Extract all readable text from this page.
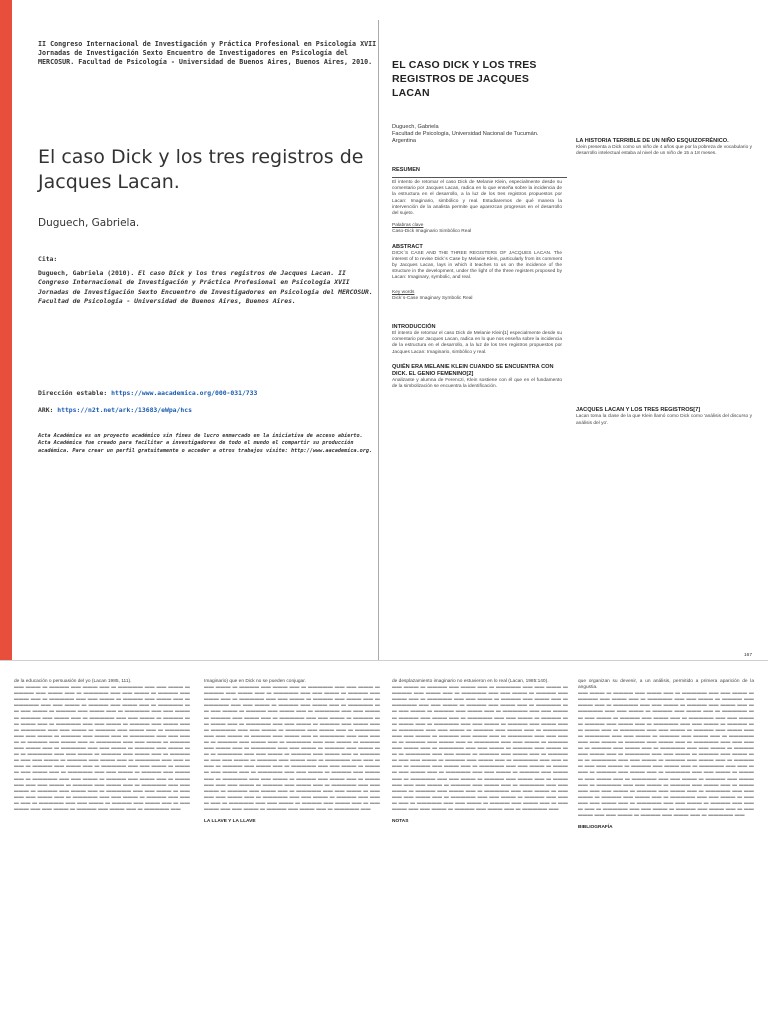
II Congreso Internacional de Investigación y Práctica Profesional en Psicología XVII Jornadas de Investigación Sexto Encuentro de Investigadores en Psicología del MERCOSUR. Facultad de Psicología - Universidad de Buenos Aires, Buenos Aires, 2010.
El caso Dick y los tres registros de Jacques Lacan.
Duguech, Gabriela.
Cita:
Duguech, Gabriela (2010). El caso Dick y los tres registros de Jacques Lacan. II Congreso Internacional de Investigación y Práctica Profesional en Psicología XVII Jornadas de Investigación Sexto Encuentro de Investigadores en Psicología del MERCOSUR. Facultad de Psicología - Universidad de Buenos Aires, Buenos Aires.
Dirección estable: https://www.aacademica.org/000-031/733
ARK: https://n2t.net/ark:/13683/eWpa/hcs
Acta Académica es un proyecto académico sin fines de lucro enmarcado en la iniciativa de acceso abierto. Acta Académica fue creado para facilitar a investigadores de todo el mundo el compartir su producción académica. Para crear un perfil gratuitamente o acceder a otros trabajos visite: http://www.aacademica.org.
EL CASO DICK Y LOS TRES REGISTROS DE JACQUES LACAN
Duguech, Gabriela
Facultad de Psicología, Universidad Nacional de Tucumán. Argentina
RESUMEN
El intento de retomar el caso Dick de Melanie Klein, especialmente desde su comentario por Jacques Lacan, radica en lo que enseña sobre la incidencia de la estructura en el desarrollo, a la luz de los tres registros propuestos por Lacan: Imaginario, simbólico y real. Estudiaremos de qué manera la intervención de la analista permite que aparezcan progresos en el desarrollo del sujeto.
Palabras clave
Caso-Dick Imaginario Simbólico Real
ABSTRACT
DICK´S CASE AND THE THREE REGISTERS OF JACQUES LACAN. The interest of to revise Dick´s Case by Melanie Klein, particularly from its comment by Jacques Lacan, lays in which it teaches to us on the incidence of the structure in the development, under the light of the three registers proposed by Lacan: Imaginary, symbolic, and real.
Key words
Dick´s-Case Imaginary Symbolic Real
INTRODUCCIÓN
El intento de retomar el caso Dick de Melanie Klein[1] especialmente desde su comentario por Jacques Lacan, radica en lo que nos enseña sobre la incidencia de la estructura en el desarrollo, a la luz de los tres registros propuestos por Jacques Lacan: Imaginario, simbólico y real.
QUIÉN ERA MELANIE KLEIN CUANDO SE ENCUENTRA CON DICK. EL GENIO FEMENINO[2]
Analizante y alumna de Ferenczi, Klein sostiene con él que en el fundamento de la simbolización se encuentra la identificación.
LA HISTORIA TERRIBLE DE UN NIÑO ESQUIZOFRÉNICO.
Klein presenta a Dick como un niño de 4 años que por la pobreza de vocabulario y desarrollo intelectual estaba al nivel de un niño de 15 a 18 meses.
JACQUES LACAN Y LOS TRES REGISTROS[7]
Lacan toma la clase de la que Klein llamó como Dick como 'análisis del discurso y análisis del yo'.
167
de la educación o persuasión del yo (Lacan 1985, 111).
▬▬ ▬▬▬ ▬ ▬▬▬▬ ▬▬ ▬▬▬ ▬▬ ▬ ▬▬▬▬▬ ▬▬ ▬▬ ▬▬▬ ▬ ▬▬▬▬ ▬▬ ▬▬▬ ▬▬ ▬ ▬▬▬▬▬ ▬▬ ▬▬ ▬▬▬ ▬ ▬▬▬▬ ▬▬ ▬▬▬ ▬▬ ▬ ▬▬▬▬▬ ▬▬ ▬▬ ▬▬▬ ▬ ▬▬▬▬ ▬▬ ▬▬▬ ▬▬ ▬ ▬▬▬▬▬ ▬▬ ▬▬ ▬▬▬ ▬ ▬▬▬▬ ▬▬ ▬▬▬ ▬▬ ▬ ▬▬▬▬▬ ▬▬ ▬▬ ▬▬▬ ▬ ▬▬▬▬ ▬▬ ▬▬▬ ▬▬ ▬ ▬▬▬▬▬ ▬▬ ▬▬ ▬▬▬ ▬ ▬▬▬▬ ▬▬ ▬▬▬ ▬▬ ▬ ▬▬▬▬▬ ▬▬ ▬▬ ▬▬▬ ▬ ▬▬▬▬ ▬▬ ▬▬▬ ▬▬ ▬ ▬▬▬▬▬ ▬▬ ▬▬ ▬▬▬ ▬ ▬▬▬▬ ▬▬ ▬▬▬ ▬▬ ▬ ▬▬▬▬▬ ▬▬ ▬▬ ▬▬▬ ▬ ▬▬▬▬ ▬▬ ▬▬▬ ▬▬ ▬ ▬▬▬▬▬ ▬▬ ▬▬ ▬▬▬ ▬ ▬▬▬▬ ▬▬ ▬▬▬ ▬▬ ▬ ▬▬▬▬▬ ▬▬ ▬▬ ▬▬▬ ▬ ▬▬▬▬ ▬▬ ▬▬▬ ▬▬ ▬ ▬▬▬▬▬ ▬▬ ▬▬ ▬▬▬ ▬ ▬▬▬▬ ▬▬ ▬▬▬ ▬▬ ▬ ▬▬▬▬▬ ▬▬ ▬▬ ▬▬▬ ▬ ▬▬▬▬ ▬▬ ▬▬▬ ▬▬ ▬ ▬▬▬▬▬ ▬▬ ▬▬ ▬▬▬ ▬ ▬▬▬▬ ▬▬ ▬▬▬ ▬▬ ▬ ▬▬▬▬▬ ▬▬ ▬▬ ▬▬▬ ▬ ▬▬▬▬ ▬▬ ▬▬▬ ▬▬ ▬ ▬▬▬▬▬ ▬▬ ▬▬ ▬▬▬ ▬ ▬▬▬▬ ▬▬ ▬▬▬ ▬▬ ▬ ▬▬▬▬▬ ▬▬ ▬▬ ▬▬▬ ▬ ▬▬▬▬ ▬▬ ▬▬▬ ▬▬ ▬ ▬▬▬▬▬ ▬▬ ▬▬ ▬▬▬ ▬ ▬▬▬▬ ▬▬ ▬▬▬ ▬▬ ▬ ▬▬▬▬▬ ▬▬ ▬▬ ▬▬▬ ▬ ▬▬▬▬ ▬▬ ▬▬▬ ▬▬ ▬ ▬▬▬▬▬ ▬▬ ▬▬ ▬▬▬ ▬ ▬▬▬▬ ▬▬ ▬▬▬ ▬▬ ▬ ▬▬▬▬▬ ▬▬ ▬▬ ▬▬▬ ▬ ▬▬▬▬ ▬▬ ▬▬▬ ▬▬ ▬ ▬▬▬▬▬ ▬▬ ▬▬ ▬▬▬ ▬ ▬▬▬▬ ▬▬ ▬▬▬ ▬▬ ▬ ▬▬▬▬▬ ▬▬ ▬▬ ▬▬▬ ▬ ▬▬▬▬ ▬▬ ▬▬▬ ▬▬ ▬ ▬▬▬▬▬ ▬▬ ▬▬ ▬▬▬ ▬ ▬▬▬▬ ▬▬ ▬▬▬ ▬▬ ▬ ▬▬▬▬▬ ▬▬ ▬▬ ▬▬▬ ▬ ▬▬▬▬ ▬▬ ▬▬▬ ▬▬ ▬ ▬▬▬▬▬ ▬▬
Imaginario) que en Dick no se pueden conjugar.
▬▬ ▬▬▬ ▬ ▬▬▬▬ ▬▬ ▬▬▬ ▬▬ ▬ ▬▬▬▬▬ ▬▬ ▬▬ ▬▬▬ ▬ ▬▬▬▬ ▬▬ ▬▬▬ ▬▬ ▬ ▬▬▬▬▬ ▬▬ ▬▬ ▬▬▬ ▬ ▬▬▬▬ ▬▬ ▬▬▬ ▬▬ ▬ ▬▬▬▬▬ ▬▬ ▬▬ ▬▬▬ ▬ ▬▬▬▬ ▬▬ ▬▬▬ ▬▬ ▬ ▬▬▬▬▬ ▬▬ ▬▬ ▬▬▬ ▬ ▬▬▬▬ ▬▬ ▬▬▬ ▬▬ ▬ ▬▬▬▬▬ ▬▬ ▬▬ ▬▬▬ ▬ ▬▬▬▬ ▬▬ ▬▬▬ ▬▬ ▬ ▬▬▬▬▬ ▬▬ ▬▬ ▬▬▬ ▬ ▬▬▬▬ ▬▬ ▬▬▬ ▬▬ ▬ ▬▬▬▬▬ ▬▬ ▬▬ ▬▬▬ ▬ ▬▬▬▬ ▬▬ ▬▬▬ ▬▬ ▬ ▬▬▬▬▬ ▬▬ ▬▬ ▬▬▬ ▬ ▬▬▬▬ ▬▬ ▬▬▬ ▬▬ ▬ ▬▬▬▬▬ ▬▬ ▬▬ ▬▬▬ ▬ ▬▬▬▬ ▬▬ ▬▬▬ ▬▬ ▬ ▬▬▬▬▬ ▬▬ ▬▬ ▬▬▬ ▬ ▬▬▬▬ ▬▬ ▬▬▬ ▬▬ ▬ ▬▬▬▬▬ ▬▬ ▬▬ ▬▬▬ ▬ ▬▬▬▬ ▬▬ ▬▬▬ ▬▬ ▬ ▬▬▬▬▬ ▬▬ ▬▬ ▬▬▬ ▬ ▬▬▬▬ ▬▬ ▬▬▬ ▬▬ ▬ ▬▬▬▬▬ ▬▬ ▬▬ ▬▬▬ ▬ ▬▬▬▬ ▬▬ ▬▬▬ ▬▬ ▬ ▬▬▬▬▬ ▬▬ ▬▬ ▬▬▬ ▬ ▬▬▬▬ ▬▬ ▬▬▬ ▬▬ ▬ ▬▬▬▬▬ ▬▬ ▬▬ ▬▬▬ ▬ ▬▬▬▬ ▬▬ ▬▬▬ ▬▬ ▬ ▬▬▬▬▬ ▬▬ ▬▬ ▬▬▬ ▬ ▬▬▬▬ ▬▬ ▬▬▬ ▬▬ ▬ ▬▬▬▬▬ ▬▬ ▬▬ ▬▬▬ ▬ ▬▬▬▬ ▬▬ ▬▬▬ ▬▬ ▬ ▬▬▬▬▬ ▬▬ ▬▬ ▬▬▬ ▬ ▬▬▬▬ ▬▬ ▬▬▬ ▬▬ ▬ ▬▬▬▬▬ ▬▬ ▬▬ ▬▬▬ ▬ ▬▬▬▬ ▬▬ ▬▬▬ ▬▬ ▬ ▬▬▬▬▬ ▬▬ ▬▬ ▬▬▬ ▬ ▬▬▬▬ ▬▬ ▬▬▬ ▬▬ ▬ ▬▬▬▬▬ ▬▬ ▬▬ ▬▬▬ ▬ ▬▬▬▬ ▬▬ ▬▬▬ ▬▬ ▬ ▬▬▬▬▬ ▬▬ ▬▬ ▬▬▬ ▬ ▬▬▬▬ ▬▬ ▬▬▬ ▬▬ ▬ ▬▬▬▬▬ ▬▬ ▬▬ ▬▬▬ ▬ ▬▬▬▬ ▬▬ ▬▬▬ ▬▬ ▬ ▬▬▬▬▬ ▬▬ ▬▬ ▬▬▬ ▬ ▬▬▬▬ ▬▬ ▬▬▬ ▬▬ ▬ ▬▬▬▬▬ ▬▬ ▬▬ ▬▬▬ ▬ ▬▬▬▬ ▬▬ ▬▬▬ ▬▬ ▬ ▬▬▬▬▬ ▬▬
LA LLAVE Y LA LLAVE
de desplazamiento imaginario no estuvieron en lo real (Lacan, 1985:140).
▬▬ ▬▬▬ ▬ ▬▬▬▬ ▬▬ ▬▬▬ ▬▬ ▬ ▬▬▬▬▬ ▬▬ ▬▬ ▬▬▬ ▬ ▬▬▬▬ ▬▬ ▬▬▬ ▬▬ ▬ ▬▬▬▬▬ ▬▬ ▬▬ ▬▬▬ ▬ ▬▬▬▬ ▬▬ ▬▬▬ ▬▬ ▬ ▬▬▬▬▬ ▬▬ ▬▬ ▬▬▬ ▬ ▬▬▬▬ ▬▬ ▬▬▬ ▬▬ ▬ ▬▬▬▬▬ ▬▬ ▬▬ ▬▬▬ ▬ ▬▬▬▬ ▬▬ ▬▬▬ ▬▬ ▬ ▬▬▬▬▬ ▬▬ ▬▬ ▬▬▬ ▬ ▬▬▬▬ ▬▬ ▬▬▬ ▬▬ ▬ ▬▬▬▬▬ ▬▬ ▬▬ ▬▬▬ ▬ ▬▬▬▬ ▬▬ ▬▬▬ ▬▬ ▬ ▬▬▬▬▬ ▬▬ ▬▬ ▬▬▬ ▬ ▬▬▬▬ ▬▬ ▬▬▬ ▬▬ ▬ ▬▬▬▬▬ ▬▬ ▬▬ ▬▬▬ ▬ ▬▬▬▬ ▬▬ ▬▬▬ ▬▬ ▬ ▬▬▬▬▬ ▬▬ ▬▬ ▬▬▬ ▬ ▬▬▬▬ ▬▬ ▬▬▬ ▬▬ ▬ ▬▬▬▬▬ ▬▬ ▬▬ ▬▬▬ ▬ ▬▬▬▬ ▬▬ ▬▬▬ ▬▬ ▬ ▬▬▬▬▬ ▬▬ ▬▬ ▬▬▬ ▬ ▬▬▬▬ ▬▬ ▬▬▬ ▬▬ ▬ ▬▬▬▬▬ ▬▬ ▬▬ ▬▬▬ ▬ ▬▬▬▬ ▬▬ ▬▬▬ ▬▬ ▬ ▬▬▬▬▬ ▬▬ ▬▬ ▬▬▬ ▬ ▬▬▬▬ ▬▬ ▬▬▬ ▬▬ ▬ ▬▬▬▬▬ ▬▬ ▬▬ ▬▬▬ ▬ ▬▬▬▬ ▬▬ ▬▬▬ ▬▬ ▬ ▬▬▬▬▬ ▬▬ ▬▬ ▬▬▬ ▬ ▬▬▬▬ ▬▬ ▬▬▬ ▬▬ ▬ ▬▬▬▬▬ ▬▬ ▬▬ ▬▬▬ ▬ ▬▬▬▬ ▬▬ ▬▬▬ ▬▬ ▬ ▬▬▬▬▬ ▬▬ ▬▬ ▬▬▬ ▬ ▬▬▬▬ ▬▬ ▬▬▬ ▬▬ ▬ ▬▬▬▬▬ ▬▬ ▬▬ ▬▬▬ ▬ ▬▬▬▬ ▬▬ ▬▬▬ ▬▬ ▬ ▬▬▬▬▬ ▬▬ ▬▬ ▬▬▬ ▬ ▬▬▬▬ ▬▬ ▬▬▬ ▬▬ ▬ ▬▬▬▬▬ ▬▬ ▬▬ ▬▬▬ ▬ ▬▬▬▬ ▬▬ ▬▬▬ ▬▬ ▬ ▬▬▬▬▬ ▬▬ ▬▬ ▬▬▬ ▬ ▬▬▬▬ ▬▬ ▬▬▬ ▬▬ ▬ ▬▬▬▬▬ ▬▬ ▬▬ ▬▬▬ ▬ ▬▬▬▬ ▬▬ ▬▬▬ ▬▬ ▬ ▬▬▬▬▬ ▬▬ ▬▬ ▬▬▬ ▬ ▬▬▬▬ ▬▬ ▬▬▬ ▬▬ ▬ ▬▬▬▬▬ ▬▬ ▬▬ ▬▬▬ ▬ ▬▬▬▬ ▬▬ ▬▬▬ ▬▬ ▬ ▬▬▬▬▬ ▬▬ ▬▬ ▬▬▬ ▬ ▬▬▬▬ ▬▬ ▬▬▬ ▬▬ ▬ ▬▬▬▬▬ ▬▬
NOTAS
que organizan su devenir, a un análisis, permitido a primera aparición de la angustia.
▬▬ ▬▬▬ ▬ ▬▬▬▬ ▬▬ ▬▬▬ ▬▬ ▬ ▬▬▬▬▬ ▬▬ ▬▬ ▬▬▬ ▬ ▬▬▬▬ ▬▬ ▬▬▬ ▬▬ ▬ ▬▬▬▬▬ ▬▬ ▬▬ ▬▬▬ ▬ ▬▬▬▬ ▬▬ ▬▬▬ ▬▬ ▬ ▬▬▬▬▬ ▬▬ ▬▬ ▬▬▬ ▬ ▬▬▬▬ ▬▬ ▬▬▬ ▬▬ ▬ ▬▬▬▬▬ ▬▬ ▬▬ ▬▬▬ ▬ ▬▬▬▬ ▬▬ ▬▬▬ ▬▬ ▬ ▬▬▬▬▬ ▬▬ ▬▬ ▬▬▬ ▬ ▬▬▬▬ ▬▬ ▬▬▬ ▬▬ ▬ ▬▬▬▬▬ ▬▬ ▬▬ ▬▬▬ ▬ ▬▬▬▬ ▬▬ ▬▬▬ ▬▬ ▬ ▬▬▬▬▬ ▬▬ ▬▬ ▬▬▬ ▬ ▬▬▬▬ ▬▬ ▬▬▬ ▬▬ ▬ ▬▬▬▬▬ ▬▬ ▬▬ ▬▬▬ ▬ ▬▬▬▬ ▬▬ ▬▬▬ ▬▬ ▬ ▬▬▬▬▬ ▬▬ ▬▬ ▬▬▬ ▬ ▬▬▬▬ ▬▬ ▬▬▬ ▬▬ ▬ ▬▬▬▬▬ ▬▬ ▬▬ ▬▬▬ ▬ ▬▬▬▬ ▬▬ ▬▬▬ ▬▬ ▬ ▬▬▬▬▬ ▬▬ ▬▬ ▬▬▬ ▬ ▬▬▬▬ ▬▬ ▬▬▬ ▬▬ ▬ ▬▬▬▬▬ ▬▬ ▬▬ ▬▬▬ ▬ ▬▬▬▬ ▬▬ ▬▬▬ ▬▬ ▬ ▬▬▬▬▬ ▬▬ ▬▬ ▬▬▬ ▬ ▬▬▬▬ ▬▬ ▬▬▬ ▬▬ ▬ ▬▬▬▬▬ ▬▬ ▬▬ ▬▬▬ ▬ ▬▬▬▬ ▬▬ ▬▬▬ ▬▬ ▬ ▬▬▬▬▬ ▬▬ ▬▬ ▬▬▬ ▬ ▬▬▬▬ ▬▬ ▬▬▬ ▬▬ ▬ ▬▬▬▬▬ ▬▬ ▬▬ ▬▬▬ ▬ ▬▬▬▬ ▬▬ ▬▬▬ ▬▬ ▬ ▬▬▬▬▬ ▬▬ ▬▬ ▬▬▬ ▬ ▬▬▬▬ ▬▬ ▬▬▬ ▬▬ ▬ ▬▬▬▬▬ ▬▬ ▬▬ ▬▬▬ ▬ ▬▬▬▬ ▬▬ ▬▬▬ ▬▬ ▬ ▬▬▬▬▬ ▬▬ ▬▬ ▬▬▬ ▬ ▬▬▬▬ ▬▬ ▬▬▬ ▬▬ ▬ ▬▬▬▬▬ ▬▬ ▬▬ ▬▬▬ ▬ ▬▬▬▬ ▬▬ ▬▬▬ ▬▬ ▬ ▬▬▬▬▬ ▬▬ ▬▬ ▬▬▬ ▬ ▬▬▬▬ ▬▬ ▬▬▬ ▬▬ ▬ ▬▬▬▬▬ ▬▬ ▬▬ ▬▬▬ ▬ ▬▬▬▬ ▬▬ ▬▬▬ ▬▬ ▬ ▬▬▬▬▬ ▬▬ ▬▬ ▬▬▬ ▬ ▬▬▬▬ ▬▬ ▬▬▬ ▬▬ ▬ ▬▬▬▬▬ ▬▬ ▬▬ ▬▬▬ ▬ ▬▬▬▬ ▬▬ ▬▬▬ ▬▬ ▬ ▬▬▬▬▬ ▬▬ ▬▬ ▬▬▬ ▬ ▬▬▬▬ ▬▬ ▬▬▬ ▬▬ ▬ ▬▬▬▬▬ ▬▬
BIBLIOGRAFÍA
